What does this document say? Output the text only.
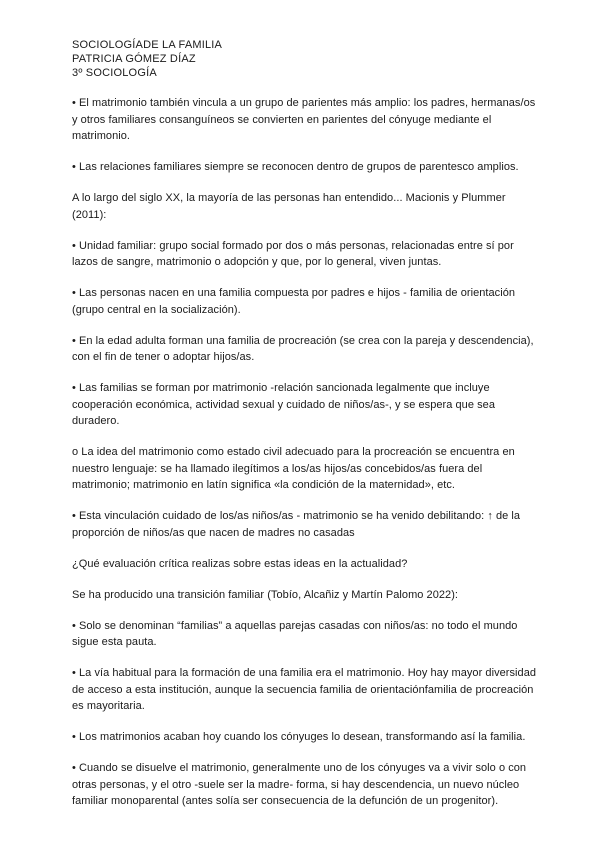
SOCIOLOGÍADE LA FAMILIA
PATRICIA GÓMEZ DÍAZ
3º SOCIOLOGÍA

• El matrimonio también vincula a un grupo de parientes más amplio: los padres, hermanas/os y otros familiares consanguíneos se convierten en parientes del cónyuge mediante el matrimonio.

• Las relaciones familiares siempre se reconocen dentro de grupos de parentesco amplios.

A lo largo del siglo XX, la mayoría de las personas han entendido... Macionis y Plummer (2011):

• Unidad familiar: grupo social formado por dos o más personas, relacionadas entre sí por lazos de sangre, matrimonio o adopción y que, por lo general, viven juntas.

• Las personas nacen en una familia compuesta por padres e hijos - familia de orientación (grupo central en la socialización).

• En la edad adulta forman una familia de procreación (se crea con la pareja y descendencia), con el fin de tener o adoptar hijos/as.

• Las familias se forman por matrimonio -relación sancionada legalmente que incluye cooperación económica, actividad sexual y cuidado de niños/as-, y se espera que sea duradero.

o La idea del matrimonio como estado civil adecuado para la procreación se encuentra en nuestro lenguaje: se ha llamado ilegítimos a los/as hijos/as concebidos/as fuera del matrimonio; matrimonio en latín significa «la condición de la maternidad», etc.

• Esta vinculación cuidado de los/as niños/as - matrimonio se ha venido debilitando: ↑ de la proporción de niños/as que nacen de madres no casadas

¿Qué evaluación crítica realizas sobre estas ideas en la actualidad?

Se ha producido una transición familiar (Tobío, Alcañiz y Martín Palomo 2022):

• Solo se denominan “familias” a aquellas parejas casadas con niños/as: no todo el mundo sigue esta pauta.

• La vía habitual para la formación de una familia era el matrimonio. Hoy hay mayor diversidad de acceso a esta institución, aunque la secuencia familia de orientaciónfamilia de procreación es mayoritaria.

• Los matrimonios acaban hoy cuando los cónyuges lo desean, transformando así la familia.

• Cuando se disuelve el matrimonio, generalmente uno de los cónyuges va a vivir solo o con otras personas, y el otro -suele ser la madre- forma, si hay descendencia, un nuevo núcleo familiar monoparental (antes solía ser consecuencia de la defunción de un progenitor).
